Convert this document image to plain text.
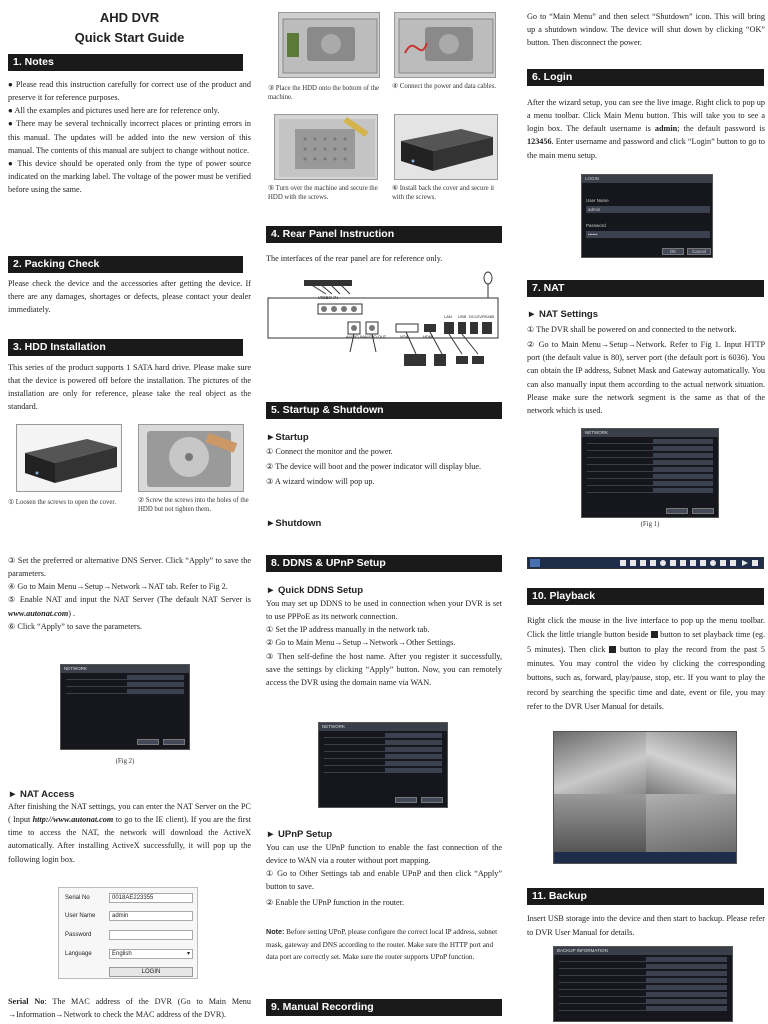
AHD DVR
Quick Start Guide
1. Notes

● Please read this instruction carefully for correct use of the product and preserve it for reference purposes.

● All the examples and pictures used here are for reference only.

● There may be several technically incorrect places or printing errors in this manual. The updates will be added into the new version of this manual. The contents of this manual are subject to change without notice.

● This device should be operated only from the type of power source indicated on the marking label. The voltage of the power must be verified before using the same.

2. Packing Check
Please check the device and the accessories after getting the device. If there are any damages, shortages or defects, please contact your dealer immediately.
3. HDD Installation
This series of the product supports 1 SATA hard drive. Please make sure that the device is powered off before the installation. The pictures of the installation are only for reference, please take the real object as the standard.
① Loosen the screws to open the cover.	② Screw the screws into the holes of the HDD but not tighten them.

③ Set the preferred or alternative DNS Server. Click “Apply” to save the parameters.

④ Go to Main Menu→Setup→Network→NAT tab. Refer to Fig 2.

⑤ Enable NAT and input the NAT Server (The default NAT Server is www.autonat.com) .

⑥ Click “Apply” to save the parameters.

NETWORK
(Fig 2)
► NAT Access
After finishing the NAT settings, you can enter the NAT Server on the PC ( Input http://www.autonat.com to go to the IE client). If you are the first time to access the NAT, the network will download the ActiveX automatically. After installing ActiveX successfully, it will pop up the following login box.
Serial No	0018AE223355
User Name	admin
Password
Language	English	▾
LOGIN
Serial No: The MAC address of the DVR (Go to Main Menu →Information→Network to check the MAC address of the DVR).
③ Place the HDD onto the bottom of the machine.
④ Connect the power and data cables.
⑤ Turn over the machine and secure the HDD with the screws.
⑥ Install back the cover and secure it with the screws.
4. Rear Panel Instruction
The interfaces of the rear panel are for reference only.
VIDEO IN
AUDIO IN AUDIO OUT	VGA	HDMI
LAN USB DC12V RS485
5. Startup & Shutdown
►Startup

① Connect the monitor and the power.

② The device will boot and the power indicator will display blue.

③ A wizard window will pop up.

►Shutdown
8. DDNS & UPnP Setup
► Quick DDNS Setup

You may set up DDNS to be used in connection when your DVR is set to use PPPoE as its network connection.

① Set the IP address manually in the network tab.

② Go to Main Menu→Setup→Network→Other Settings.

③ Then self-define the host name. After you register it successfully, save the settings by clicking “Apply” button. Now, you can remotely access the DVR using the domain name via WAN.

NETWORK
► UPnP Setup

You can use the UPnP function to enable the fast connection of the device to WAN via a router without port mapping.

① Go to Other Settings tab and enable UPnP and then click “Apply” button to save.

② Enable the UPnP function in the router.

Note: Before setting UPnP, please configure the correct local IP address, subnet mask, gateway and DNS according to the router. Make sure the HTTP port and data port are correctly set. Make sure the router supports UPnP function.
9. Manual Recording
Go to “Main Menu” and then select “Shutdown” icon. This will bring up a shutdown window. The device will shut down by clicking “OK” button. Then disconnect the power.
6. Login
After the wizard setup, you can see the live image. Right click to pop up a menu toolbar. Click Main Menu button. This will take you to see a login box. The default username is admin; the default password is 123456. Enter username and password and click “Login” button to go to the main menu setup.
LOGIN
User Name
admin
Password
••••••
OK	Cancel
7. NAT
► NAT Settings

① The DVR shall be powered on and connected to the network.

② Go to Main Menu→Setup→Network. Refer to Fig 1. Input HTTP port (the default value is 80), server port (the default port is 6036). You can obtain the IP address, Subnet Mask and Gateway automatically. You can also manually input them according to the actual network situation. Please make sure the network segment is the same as that of the network which is used.

NETWORK
(Fig 1)
10. Playback
Right click the mouse in the live interface to pop up the menu toolbar. Click the little triangle button beside  button to set playback time (eg. 5 minutes). Then click  button to play the record from the past 5 minutes. You may control the video by clicking the corresponding buttons, such as, forward, play/pause, stop, etc. If you want to play the record by searching the specific time and date, event or file, you may refer to the DVR User Manual for details.
11. Backup
Insert USB storage into the device and then start to backup. Please refer to DVR User Manual for details.
BACKUP INFORMATION
